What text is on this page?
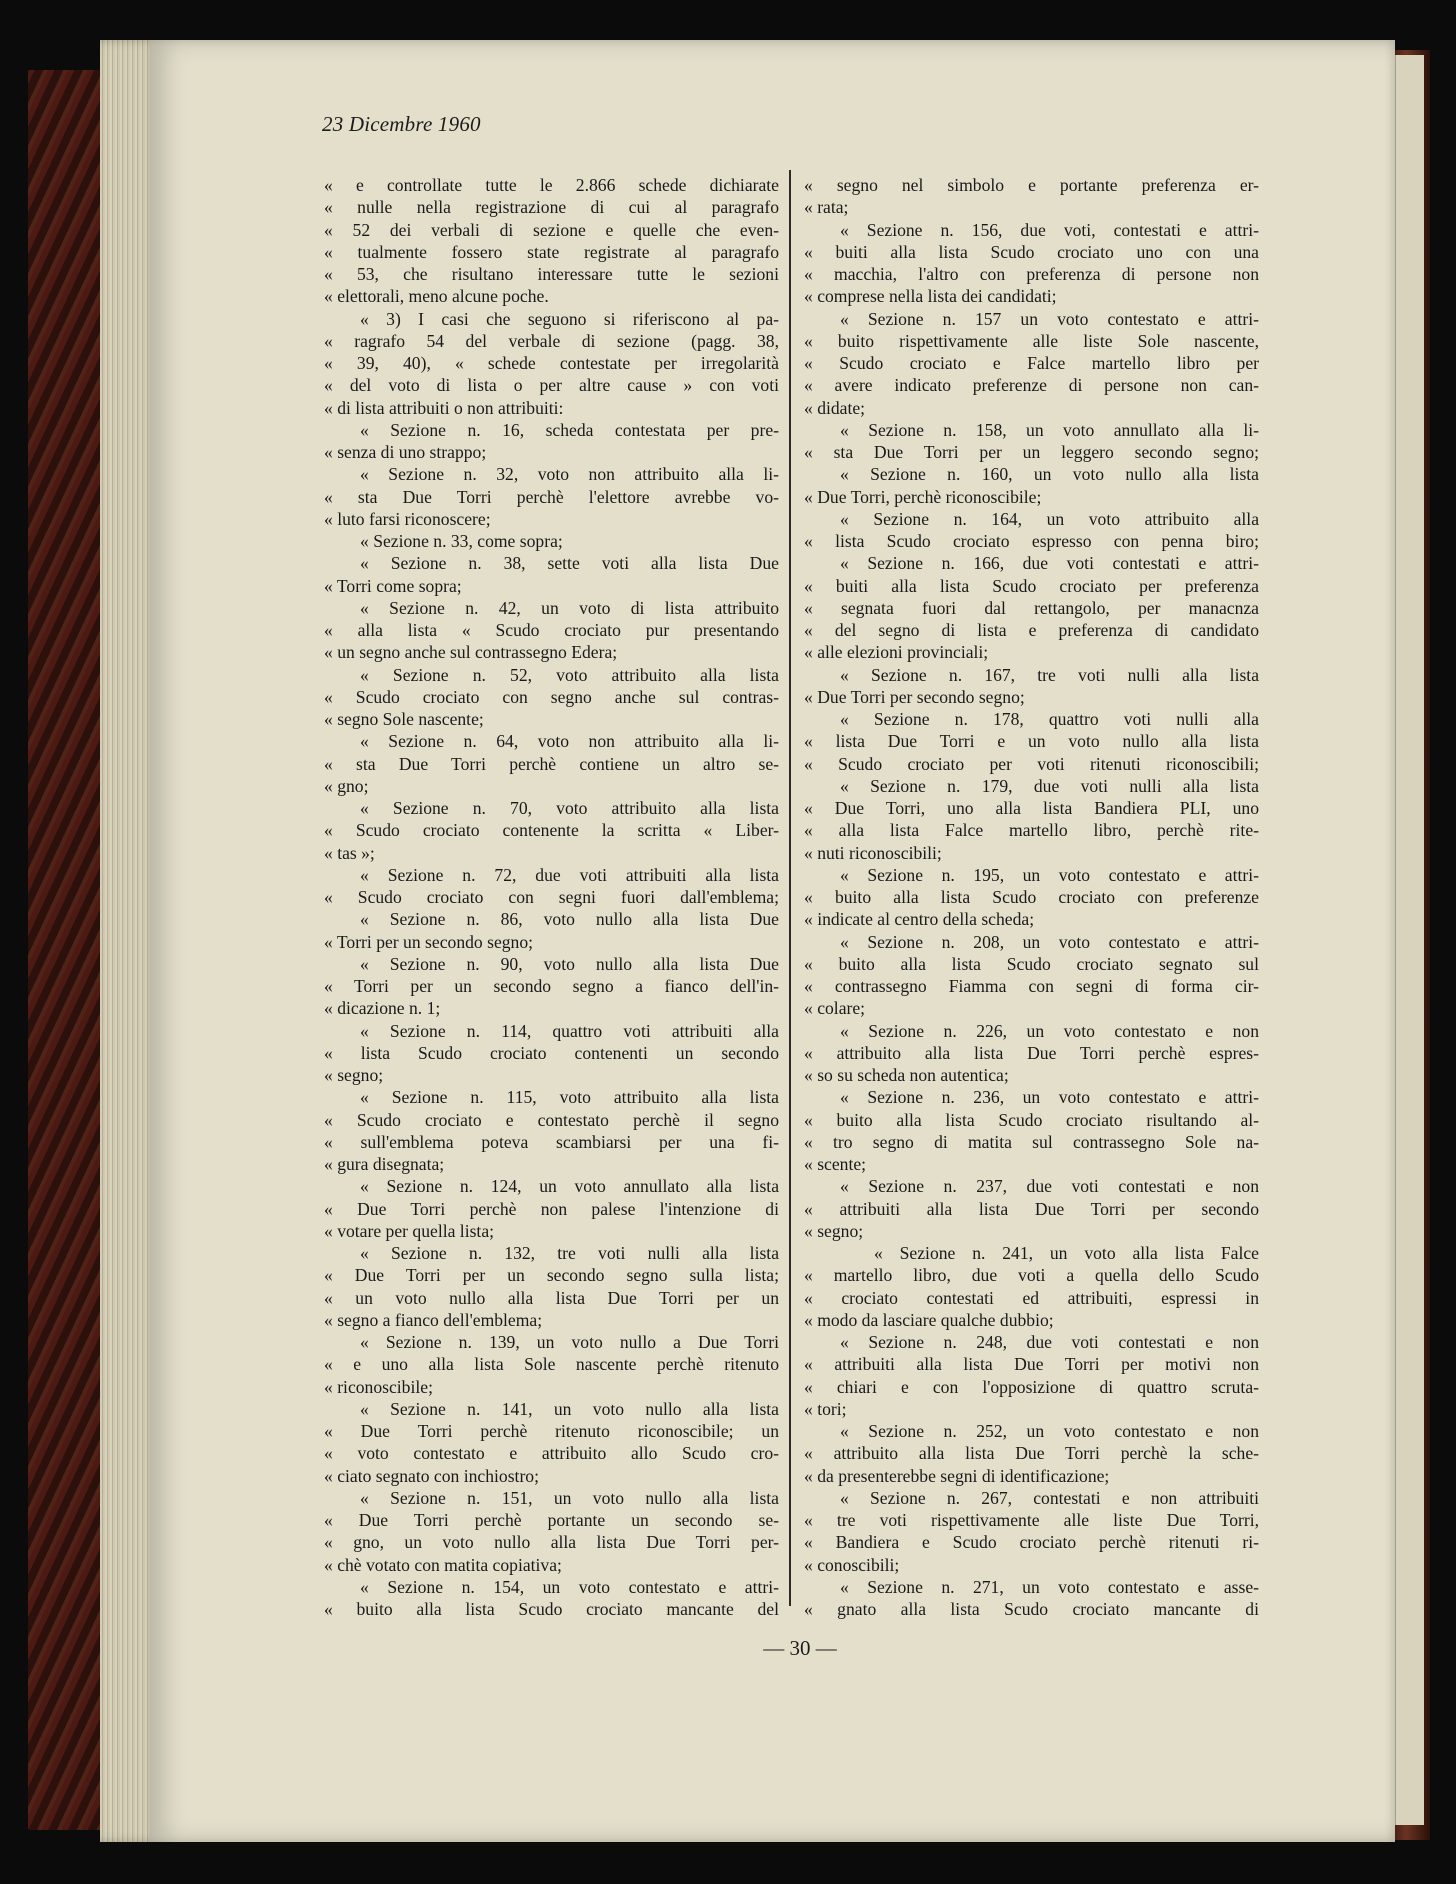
23 Dicembre 1960
« e controllate tutte le 2.866 schede dichiarate
« nulle nella registrazione di cui al paragrafo
« 52 dei verbali di sezione e quelle che even-
« tualmente fossero state registrate al paragrafo
« 53, che risultano interessare tutte le sezioni
« elettorali, meno alcune poche.
« 3) I casi che seguono si riferiscono al pa-
« ragrafo 54 del verbale di sezione (pagg. 38,
« 39, 40), « schede contestate per irregolarità
« del voto di lista o per altre cause » con voti
« di lista attribuiti o non attribuiti:
« Sezione n. 16, scheda contestata per pre-
« senza di uno strappo;
« Sezione n. 32, voto non attribuito alla li-
« sta Due Torri perchè l'elettore avrebbe vo-
« luto farsi riconoscere;
« Sezione n. 33, come sopra;
« Sezione n. 38, sette voti alla lista Due
« Torri come sopra;
« Sezione n. 42, un voto di lista attribuito
« alla lista « Scudo crociato pur presentando
« un segno anche sul contrassegno Edera;
« Sezione n. 52, voto attribuito alla lista
« Scudo crociato con segno anche sul contras-
« segno Sole nascente;
« Sezione n. 64, voto non attribuito alla li-
« sta Due Torri perchè contiene un altro se-
« gno;
« Sezione n. 70, voto attribuito alla lista
« Scudo crociato contenente la scritta « Liber-
« tas »;
« Sezione n. 72, due voti attribuiti alla lista
« Scudo crociato con segni fuori dall'emblema;
« Sezione n. 86, voto nullo alla lista Due
« Torri per un secondo segno;
« Sezione n. 90, voto nullo alla lista Due
« Torri per un secondo segno a fianco dell'in-
« dicazione n. 1;
« Sezione n. 114, quattro voti attribuiti alla
« lista Scudo crociato contenenti un secondo
« segno;
« Sezione n. 115, voto attribuito alla lista
« Scudo crociato e contestato perchè il segno
« sull'emblema poteva scambiarsi per una fi-
« gura disegnata;
« Sezione n. 124, un voto annullato alla lista
« Due Torri perchè non palese l'intenzione di
« votare per quella lista;
« Sezione n. 132, tre voti nulli alla lista
« Due Torri per un secondo segno sulla lista;
« un voto nullo alla lista Due Torri per un
« segno a fianco dell'emblema;
« Sezione n. 139, un voto nullo a Due Torri
« e uno alla lista Sole nascente perchè ritenuto
« riconoscibile;
« Sezione n. 141, un voto nullo alla lista
« Due Torri perchè ritenuto riconoscibile; un
« voto contestato e attribuito allo Scudo cro-
« ciato segnato con inchiostro;
« Sezione n. 151, un voto nullo alla lista
« Due Torri perchè portante un secondo se-
« gno, un voto nullo alla lista Due Torri per-
« chè votato con matita copiativa;
« Sezione n. 154, un voto contestato e attri-
« buito alla lista Scudo crociato mancante del
« segno nel simbolo e portante preferenza er-
« rata;
« Sezione n. 156, due voti, contestati e attri-
« buiti alla lista Scudo crociato uno con una
« macchia, l'altro con preferenza di persone non
« comprese nella lista dei candidati;
« Sezione n. 157 un voto contestato e attri-
« buito rispettivamente alle liste Sole nascente,
« Scudo crociato e Falce martello libro per
« avere indicato preferenze di persone non can-
« didate;
« Sezione n. 158, un voto annullato alla li-
« sta Due Torri per un leggero secondo segno;
« Sezione n. 160, un voto nullo alla lista
« Due Torri, perchè riconoscibile;
« Sezione n. 164, un voto attribuito alla
« lista Scudo crociato espresso con penna biro;
« Sezione n. 166, due voti contestati e attri-
« buiti alla lista Scudo crociato per preferenza
« segnata fuori dal rettangolo, per manacnza
« del segno di lista e preferenza di candidato
« alle elezioni provinciali;
« Sezione n. 167, tre voti nulli alla lista
« Due Torri per secondo segno;
« Sezione n. 178, quattro voti nulli alla
« lista Due Torri e un voto nullo alla lista
« Scudo crociato per voti ritenuti riconoscibili;
« Sezione n. 179, due voti nulli alla lista
« Due Torri, uno alla lista Bandiera PLI, uno
« alla lista Falce martello libro, perchè rite-
« nuti riconoscibili;
« Sezione n. 195, un voto contestato e attri-
« buito alla lista Scudo crociato con preferenze
« indicate al centro della scheda;
« Sezione n. 208, un voto contestato e attri-
« buito alla lista Scudo crociato segnato sul
« contrassegno Fiamma con segni di forma cir-
« colare;
« Sezione n. 226, un voto contestato e non
« attribuito alla lista Due Torri perchè espres-
« so su scheda non autentica;
« Sezione n. 236, un voto contestato e attri-
« buito alla lista Scudo crociato risultando al-
« tro segno di matita sul contrassegno Sole na-
« scente;
« Sezione n. 237, due voti contestati e non
« attribuiti alla lista Due Torri per secondo
« segno;
« Sezione n. 241, un voto alla lista Falce
« martello libro, due voti a quella dello Scudo
« crociato contestati ed attribuiti, espressi in
« modo da lasciare qualche dubbio;
« Sezione n. 248, due voti contestati e non
« attribuiti alla lista Due Torri per motivi non
« chiari e con l'opposizione di quattro scruta-
« tori;
« Sezione n. 252, un voto contestato e non
« attribuito alla lista Due Torri perchè la sche-
« da presenterebbe segni di identificazione;
« Sezione n. 267, contestati e non attribuiti
« tre voti rispettivamente alle liste Due Torri,
« Bandiera e Scudo crociato perchè ritenuti ri-
« conoscibili;
« Sezione n. 271, un voto contestato e asse-
« gnato alla lista Scudo crociato mancante di
— 30 —
